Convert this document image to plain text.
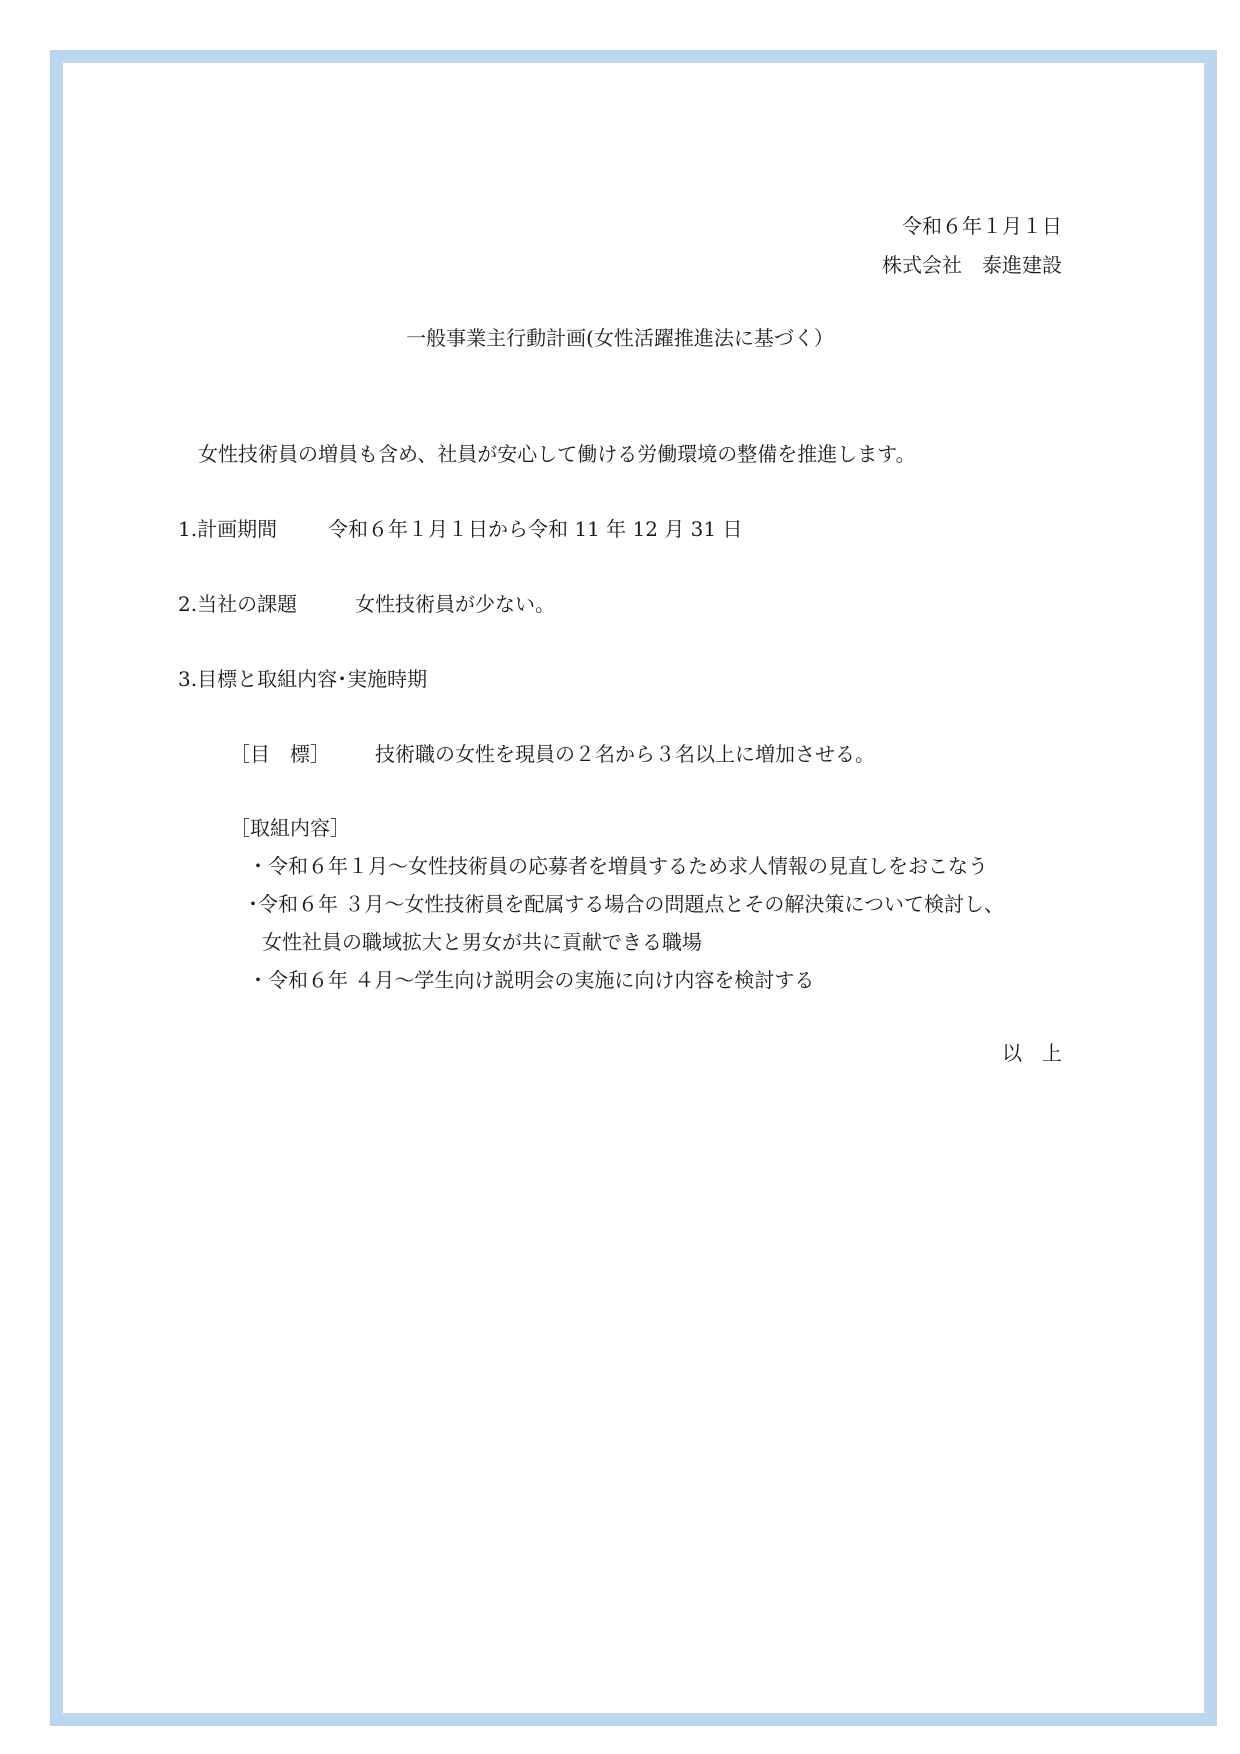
令和６年１月１日
株式会社　泰進建設
一般事業主行動計画(女性活躍推進法に基づく）
女性技術員の増員も含め、社員が安心して働ける労働環境の整備を推進します。
1.計画期間	令和６年１月１日から令和 11 年 12 月 31 日
2.当社の課題	女性技術員が少ない。
3.目標と取組内容･実施時期
［目　標］ 技術職の女性を現員の２名から３名以上に増加させる。
［取組内容］
・令和６年１月～女性技術員の応募者を増員するため求人情報の見直しをおこなう
･令和６年 ３月～女性技術員を配属する場合の問題点とその解決策について検討し、
女性社員の職域拡大と男女が共に貢献できる職場
・令和６年 ４月～学生向け説明会の実施に向け内容を検討する
以　上
